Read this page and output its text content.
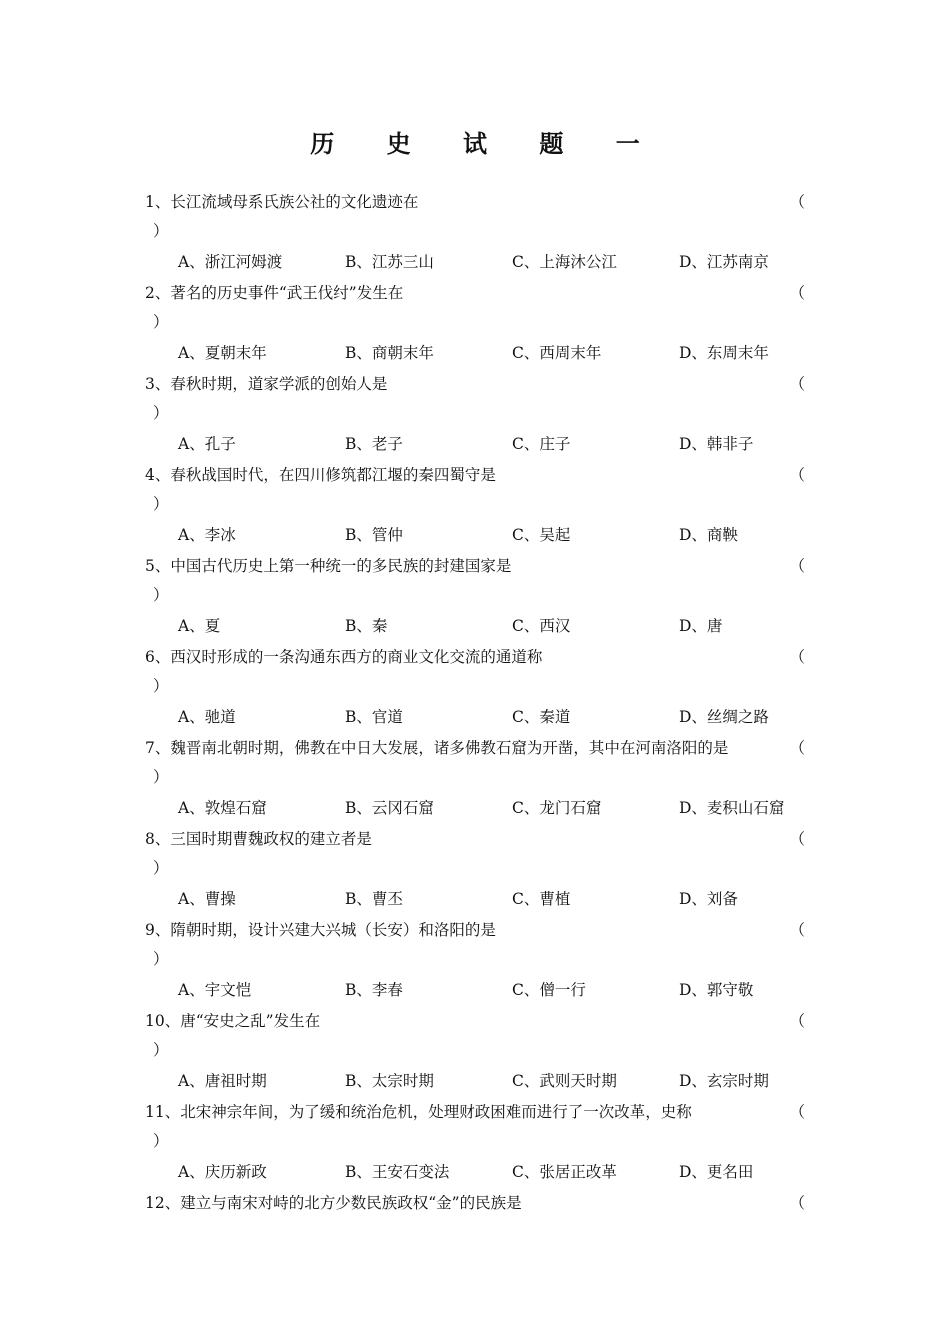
历 史 试 题 一
1、长江流域母系氏族公社的文化遗迹在	（
）
A、浙江河姆渡	B、江苏三山	C、上海沐公江	D、江苏南京
2、著名的历史事件“武王伐纣”发生在	（
）
A、夏朝末年	B、商朝末年	C、西周末年	D、东周末年
3、春秋时期，道家学派的创始人是	（
）
A、孔子	B、老子	C、庄子	D、韩非子
4、春秋战国时代，在四川修筑都江堰的秦四蜀守是	（
）
A、李冰	B、管仲	C、吴起	D、商鞅
5、中国古代历史上第一种统一的多民族的封建国家是	（
）
A、夏	B、秦	C、西汉	D、唐
6、西汉时形成的一条沟通东西方的商业文化交流的通道称	（
）
A、驰道	B、官道	C、秦道	D、丝绸之路
7、魏晋南北朝时期，佛教在中日大发展，诸多佛教石窟为开凿，其中在河南洛阳的是	（
）
A、敦煌石窟	B、云冈石窟	C、龙门石窟	D、麦积山石窟
8、三国时期曹魏政权的建立者是	（
）
A、曹操	B、曹丕	C、曹植	D、刘备
9、隋朝时期，设计兴建大兴城（长安）和洛阳的是	（
）
A、宇文恺	B、李春	C、僧一行	D、郭守敬
10、唐“安史之乱”发生在	（
）
A、唐祖时期	B、太宗时期	C、武则天时期	D、玄宗时期
11、北宋神宗年间，为了缓和统治危机，处理财政困难而进行了一次改革，史称	（
）
A、庆历新政	B、王安石变法	C、张居正改革	D、更名田
12、建立与南宋对峙的北方少数民族政权“金”的民族是	（
